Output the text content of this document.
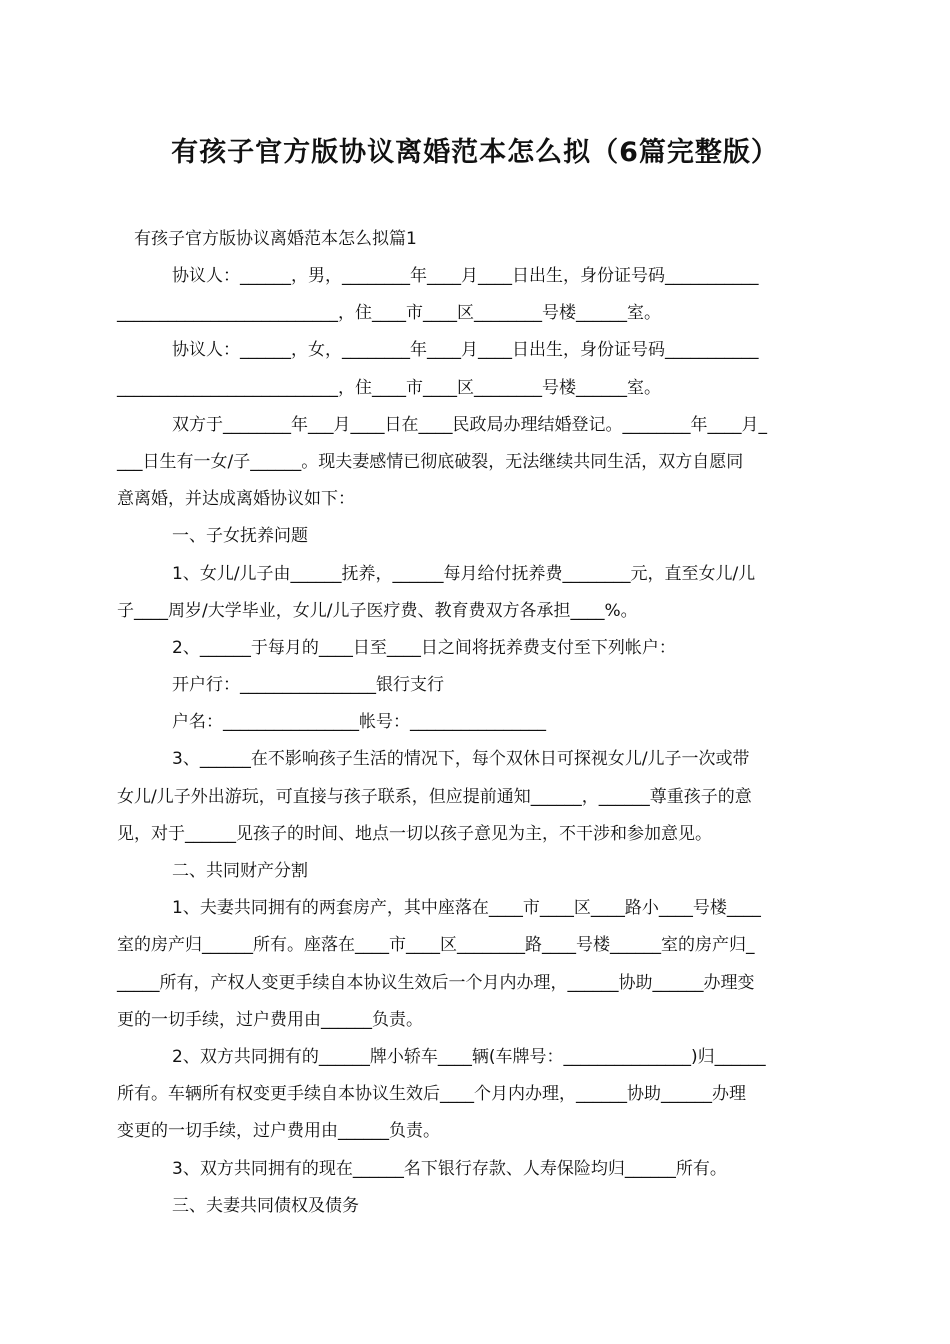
有孩子官方版协议离婚范本怎么拟（6篇完整版）
有孩子官方版协议离婚范本怎么拟篇1
协议人：______，男，________年____月____日出生，身份证号码___________
__________________________，住____市____区________号楼______室。
协议人：______，女，________年____月____日出生，身份证号码___________
__________________________，住____市____区________号楼______室。
双方于________年___月____日在____民政局办理结婚登记。________年____月_
___日生有一女/子______。现夫妻感情已彻底破裂，无法继续共同生活，双方自愿同
意离婚，并达成离婚协议如下：
一、子女抚养问题
1、女儿/儿子由______抚养，______每月给付抚养费________元，直至女儿/儿
子____周岁/大学毕业，女儿/儿子医疗费、教育费双方各承担____%。
2、______于每月的____日至____日之间将抚养费支付至下列帐户：
开户行：________________银行支行
户名：________________帐号：________________
3、______在不影响孩子生活的情况下，每个双休日可探视女儿/儿子一次或带
女儿/儿子外出游玩，可直接与孩子联系，但应提前通知______，______尊重孩子的意
见，对于______见孩子的时间、地点一切以孩子意见为主，不干涉和参加意见。
二、共同财产分割
1、夫妻共同拥有的两套房产，其中座落在____市____区____路小____号楼____
室的房产归______所有。座落在____市____区________路____号楼______室的房产归_
_____所有，产权人变更手续自本协议生效后一个月内办理，______协助______办理变
更的一切手续，过户费用由______负责。
2、双方共同拥有的______牌小轿车____辆(车牌号：_______________)归______
所有。车辆所有权变更手续自本协议生效后____个月内办理，______协助______办理
变更的一切手续，过户费用由______负责。
3、双方共同拥有的现在______名下银行存款、人寿保险均归______所有。
三、夫妻共同债权及债务
